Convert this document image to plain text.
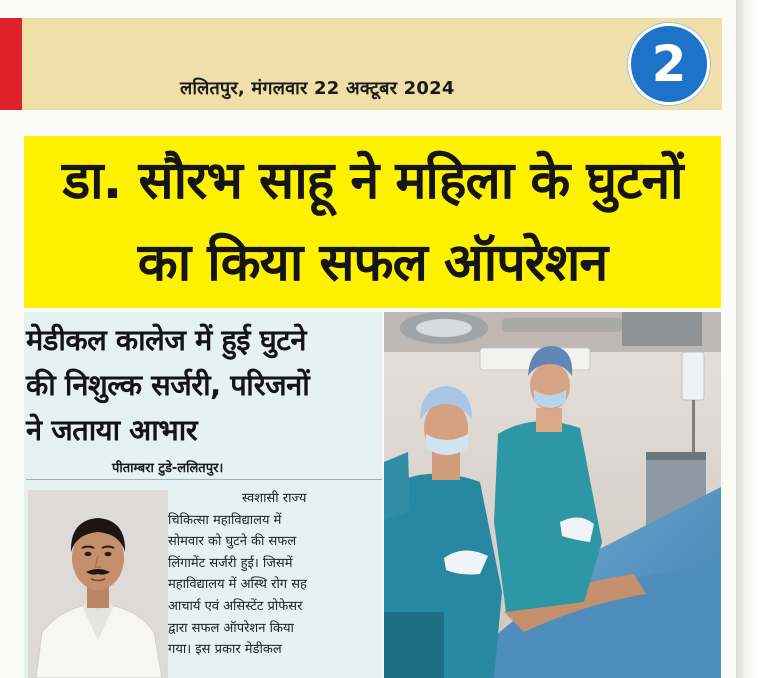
ललितपुर, मंगलवार 22 अक्टूबर 2024	2
डा. सौरभ साहू ने महिला के घुटनों
का किया सफल ऑपरेशन
मेडीकल कालेज में हुई घुटने
की निशुल्क सर्जरी, परिजनों
ने जताया आभार
पीताम्बरा टुडे-ललितपुर।
स्वशासी राज्य
चिकित्सा महाविद्यालय में
सोमवार को घुटने की सफल
लिंगामेंट सर्जरी हुई। जिसमें
महाविद्यालय में अस्थि रोग सह
आचार्य एवं असिस्टेंट प्रोफेसर
द्वारा सफल ऑपरेशन किया
गया। इस प्रकार मेडीकल
